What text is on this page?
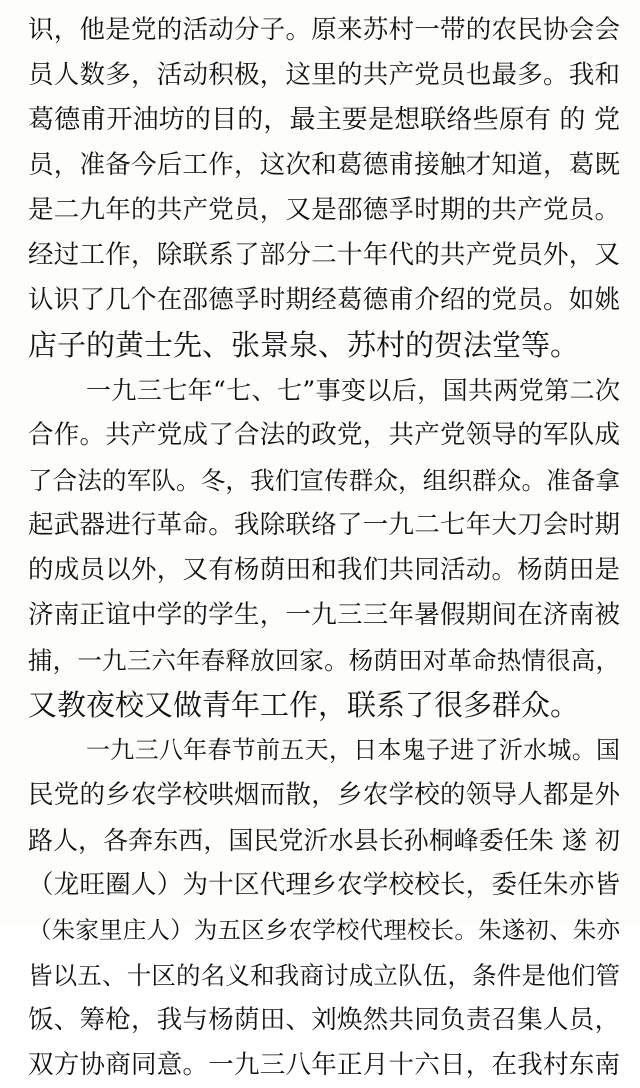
识，他是党的活动分子。原来苏村一带的农民协会会
员人数多，活动积极，这里的共产党员也最多。我和
葛德甫开油坊的目的，最主要是想联络些原有 的 党
员，准备今后工作，这次和葛德甫接触才知道，葛既
是二九年的共产党员，又是邵德孚时期的共产党员。
经过工作，除联系了部分二十年代的共产党员外，又
认识了几个在邵德孚时期经葛德甫介绍的党员。如姚
店子的黄士先、张景泉、苏村的贺法堂等。
一九三七年“七、七”事变以后，国共两党第二次
合作。共产党成了合法的政党，共产党领导的军队成
了合法的军队。冬，我们宣传群众，组织群众。准备拿
起武器进行革命。我除联络了一九二七年大刀会时期
的成员以外，又有杨荫田和我们共同活动。杨荫田是
济南正谊中学的学生，一九三三年暑假期间在济南被
捕，一九三六年春释放回家。杨荫田对革命热情很高，
又教夜校又做青年工作，联系了很多群众。
一九三八年春节前五天，日本鬼子进了沂水城。国
民党的乡农学校哄烟而散，乡农学校的领导人都是外
路人，各奔东西，国民党沂水县长孙桐峰委任朱 遂 初
（龙旺圈人）为十区代理乡农学校校长，委任朱亦皆
（朱家里庄人）为五区乡农学校代理校长。朱遂初、朱亦
皆以五、十区的名义和我商讨成立队伍，条件是他们管
饭、筹枪，我与杨荫田、刘焕然共同负责召集人员，
双方协商同意。一九三八年正月十六日，在我村东南
